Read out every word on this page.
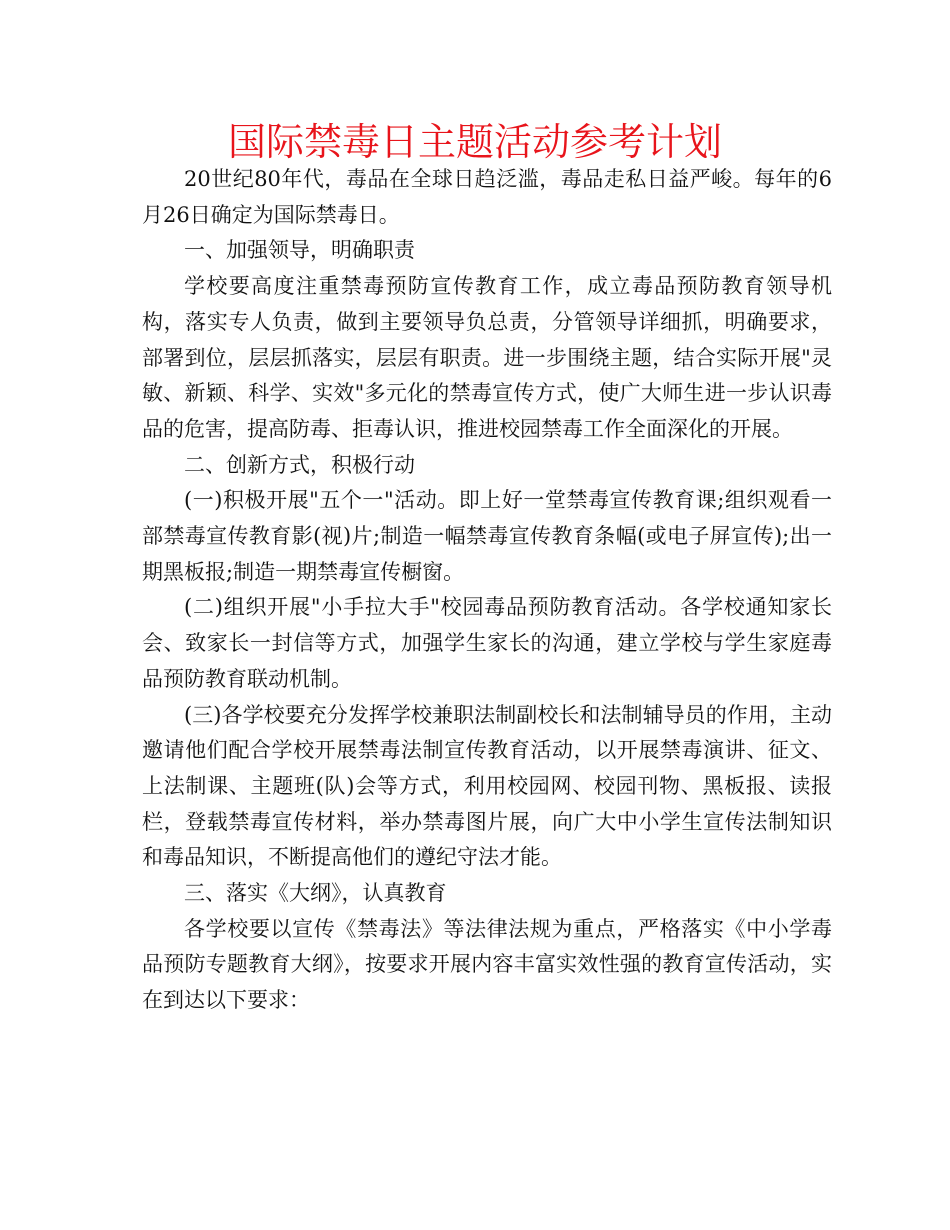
国际禁毒日主题活动参考计划

20世纪80年代，毒品在全球日趋泛滥，毒品走私日益严峻。每年的6月26日确定为国际禁毒日。

一、加强领导，明确职责

学校要高度注重禁毒预防宣传教育工作，成立毒品预防教育领导机构，落实专人负责，做到主要领导负总责，分管领导详细抓，明确要求，部署到位，层层抓落实，层层有职责。进一步围绕主题，结合实际开展"灵敏、新颖、科学、实效"多元化的禁毒宣传方式，使广大师生进一步认识毒品的危害，提高防毒、拒毒认识，推进校园禁毒工作全面深化的开展。

二、创新方式，积极行动

(一)积极开展"五个一"活动。即上好一堂禁毒宣传教育课;组织观看一部禁毒宣传教育影(视)片;制造一幅禁毒宣传教育条幅(或电子屏宣传);出一期黑板报;制造一期禁毒宣传橱窗。

(二)组织开展"小手拉大手"校园毒品预防教育活动。各学校通知家长会、致家长一封信等方式，加强学生家长的沟通，建立学校与学生家庭毒品预防教育联动机制。

(三)各学校要充分发挥学校兼职法制副校长和法制辅导员的作用，主动邀请他们配合学校开展禁毒法制宣传教育活动，以开展禁毒演讲、征文、上法制课、主题班(队)会等方式，利用校园网、校园刊物、黑板报、读报栏，登载禁毒宣传材料，举办禁毒图片展，向广大中小学生宣传法制知识和毒品知识，不断提高他们的遵纪守法才能。

三、落实《大纲》，认真教育

各学校要以宣传《禁毒法》等法律法规为重点，严格落实《中小学毒品预防专题教育大纲》，按要求开展内容丰富实效性强的教育宣传活动，实在到达以下要求：
